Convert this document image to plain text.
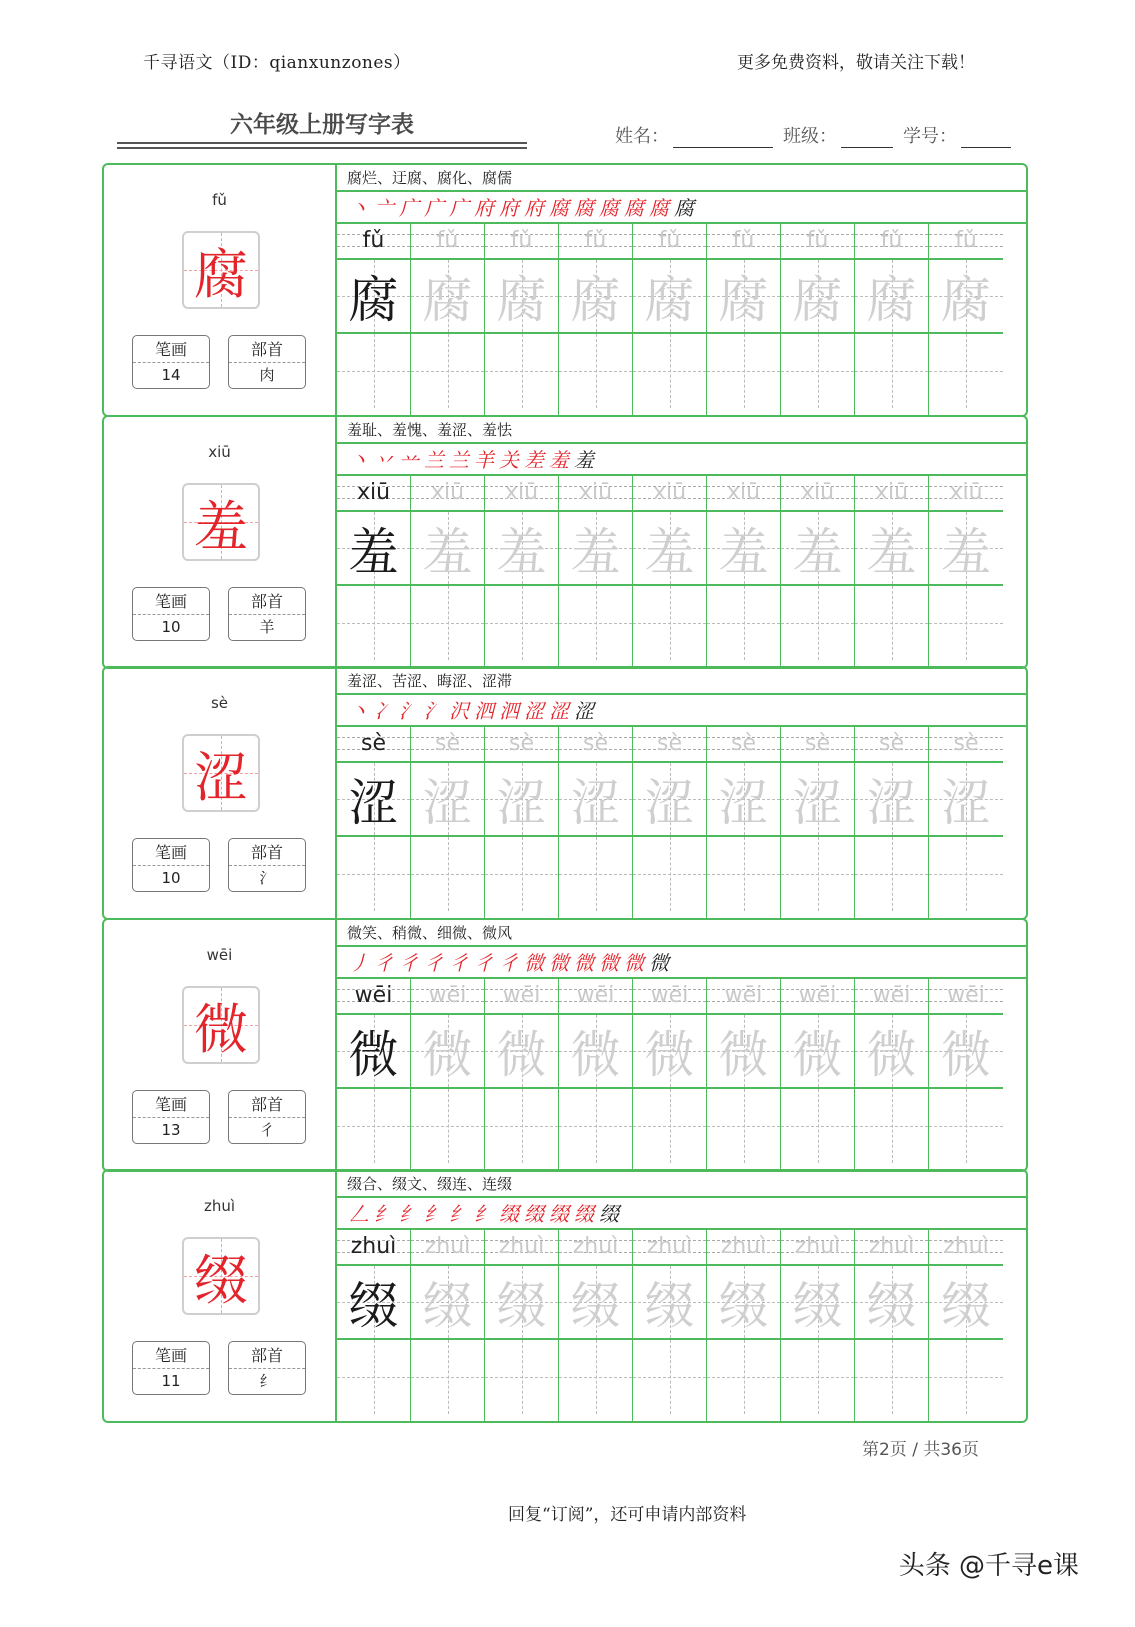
千寻语文（ID：qianxunzones）	更多免费资料，敬请关注下载！
六年级上册写字表	姓名：	班级：	学号：
fǔ
腐
笔画
14
部首
肉
腐烂、迂腐、腐化、腐儒
丶亠广广广府府府腐腐腐腐腐腐
fǔ
腐
fǔ
腐
fǔ
腐
fǔ
腐
fǔ
腐
fǔ
腐
fǔ
腐
fǔ
腐
fǔ
腐
xiū
羞
笔画
10
部首
羊
羞耻、羞愧、羞涩、羞怯
丶丷䒑兰兰羊关差羞羞
xiū
羞
xiū
羞
xiū
羞
xiū
羞
xiū
羞
xiū
羞
xiū
羞
xiū
羞
xiū
羞
sè
涩
笔画
10
部首
氵
羞涩、苦涩、晦涩、涩滞
丶冫氵氵沢泗泗涩涩涩
sè
涩
sè
涩
sè
涩
sè
涩
sè
涩
sè
涩
sè
涩
sè
涩
sè
涩
wēi
微
笔画
13
部首
彳
微笑、稍微、细微、微风
丿彳彳彳彳彳彳微微微微微微
wēi
微
wēi
微
wēi
微
wēi
微
wēi
微
wēi
微
wēi
微
wēi
微
wēi
微
zhuì
缀
笔画
11
部首
纟
缀合、缀文、缀连、连缀
𠃋纟纟纟纟纟缀缀缀缀缀
zhuì
缀
zhuì
缀
zhuì
缀
zhuì
缀
zhuì
缀
zhuì
缀
zhuì
缀
zhuì
缀
zhuì
缀
第2页 / 共36页
回复“订阅”，还可申请内部资料
头条 @千寻e课
